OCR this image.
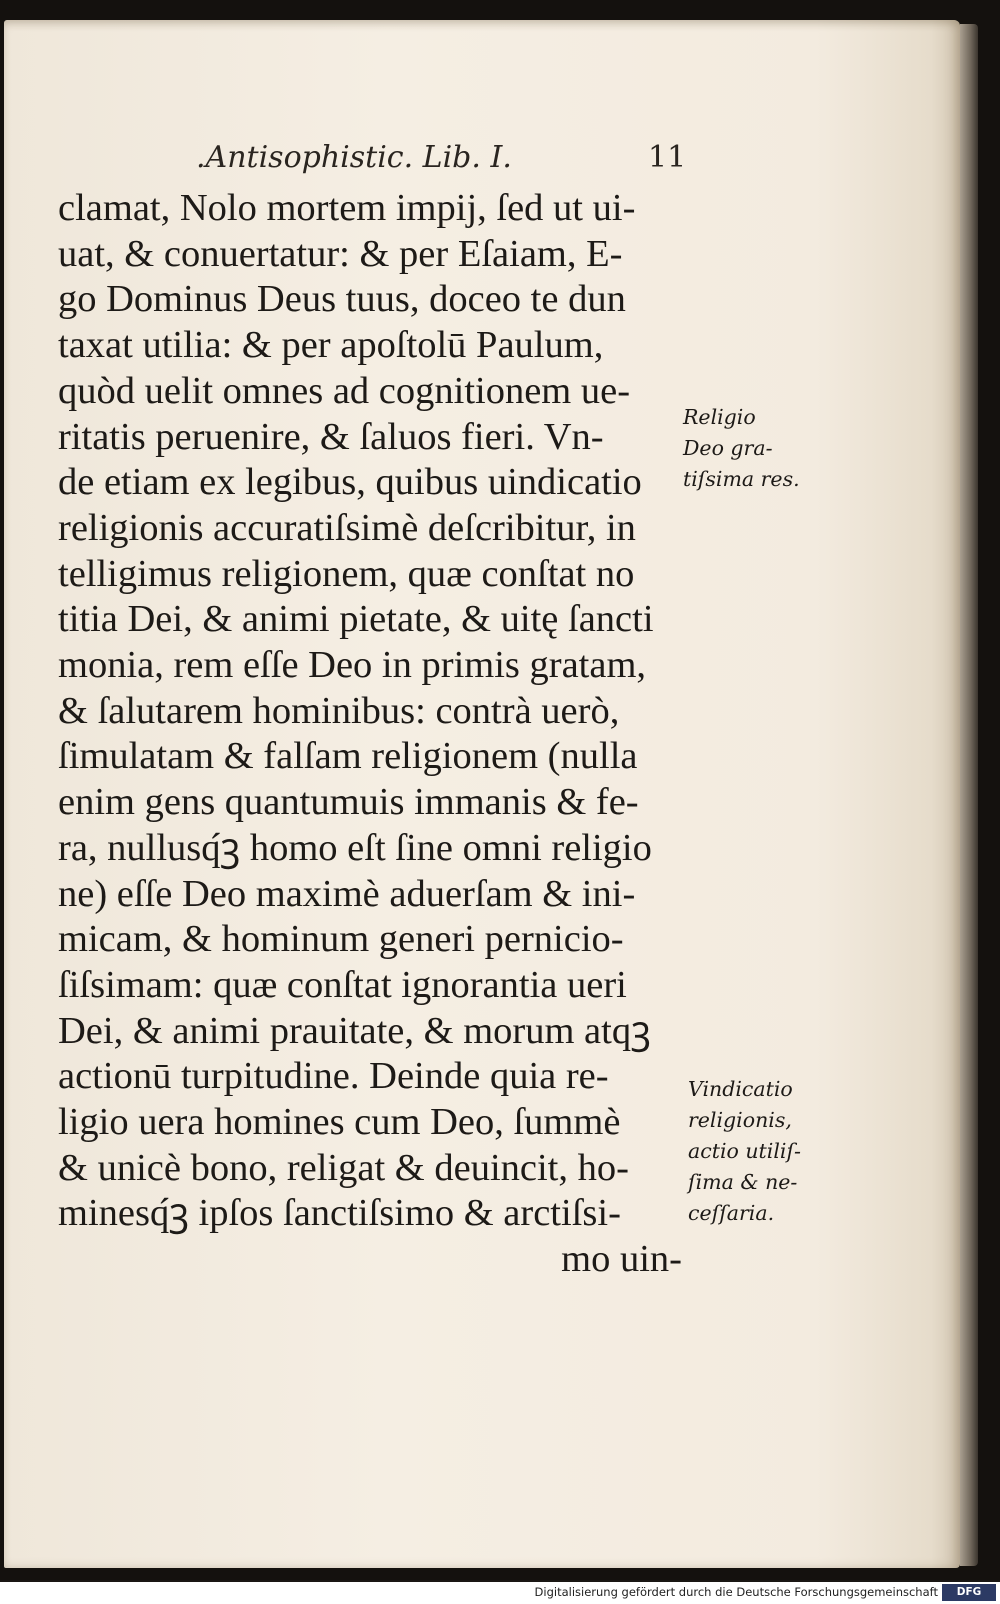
.Antisophistic. Lib. I.	11
clamat, Nolo mortem impij, ſed ut ui-
uat, & conuertatur: & per Eſaiam, E-
go Dominus Deus tuus, doceo te dun
taxat utilia: & per apoſtolū Paulum,
quòd uelit omnes ad cognitionem ue-
ritatis peruenire, & ſaluos fieri. Vn-
de etiam ex legibus, quibus uindicatio
religionis accuratiſsimè deſcribitur, in
telligimus religionem, quæ conſtat no
titia Dei, & animi pietate, & uitę ſancti
monia, rem eſſe Deo in primis gratam,
& ſalutarem hominibus: contrà uerò,
ſimulatam & falſam religionem (nulla
enim gens quantumuis immanis & fe-
ra, nullusq́ꝫ homo eſt ſine omni religio
ne) eſſe Deo maximè aduerſam & ini-
micam, & hominum generi pernicio-
ſiſsimam: quæ conſtat ignorantia ueri
Dei, & animi prauitate, & morum atqꝫ
actionū turpitudine. Deinde quia re-
ligio uera homines cum Deo, ſummè
& unicè bono, religat & deuincit, ho-
minesq́ꝫ ipſos ſanctiſsimo & arctiſsi-
mo uin-
Religio
Deo gra-
tiſsima res.
Vindicatio
religionis,
actio utiliſ-
ſima & ne-
ceſſaria.
Digitalisierung gefördert durch die Deutsche Forschungsgemeinschaft	DFG
